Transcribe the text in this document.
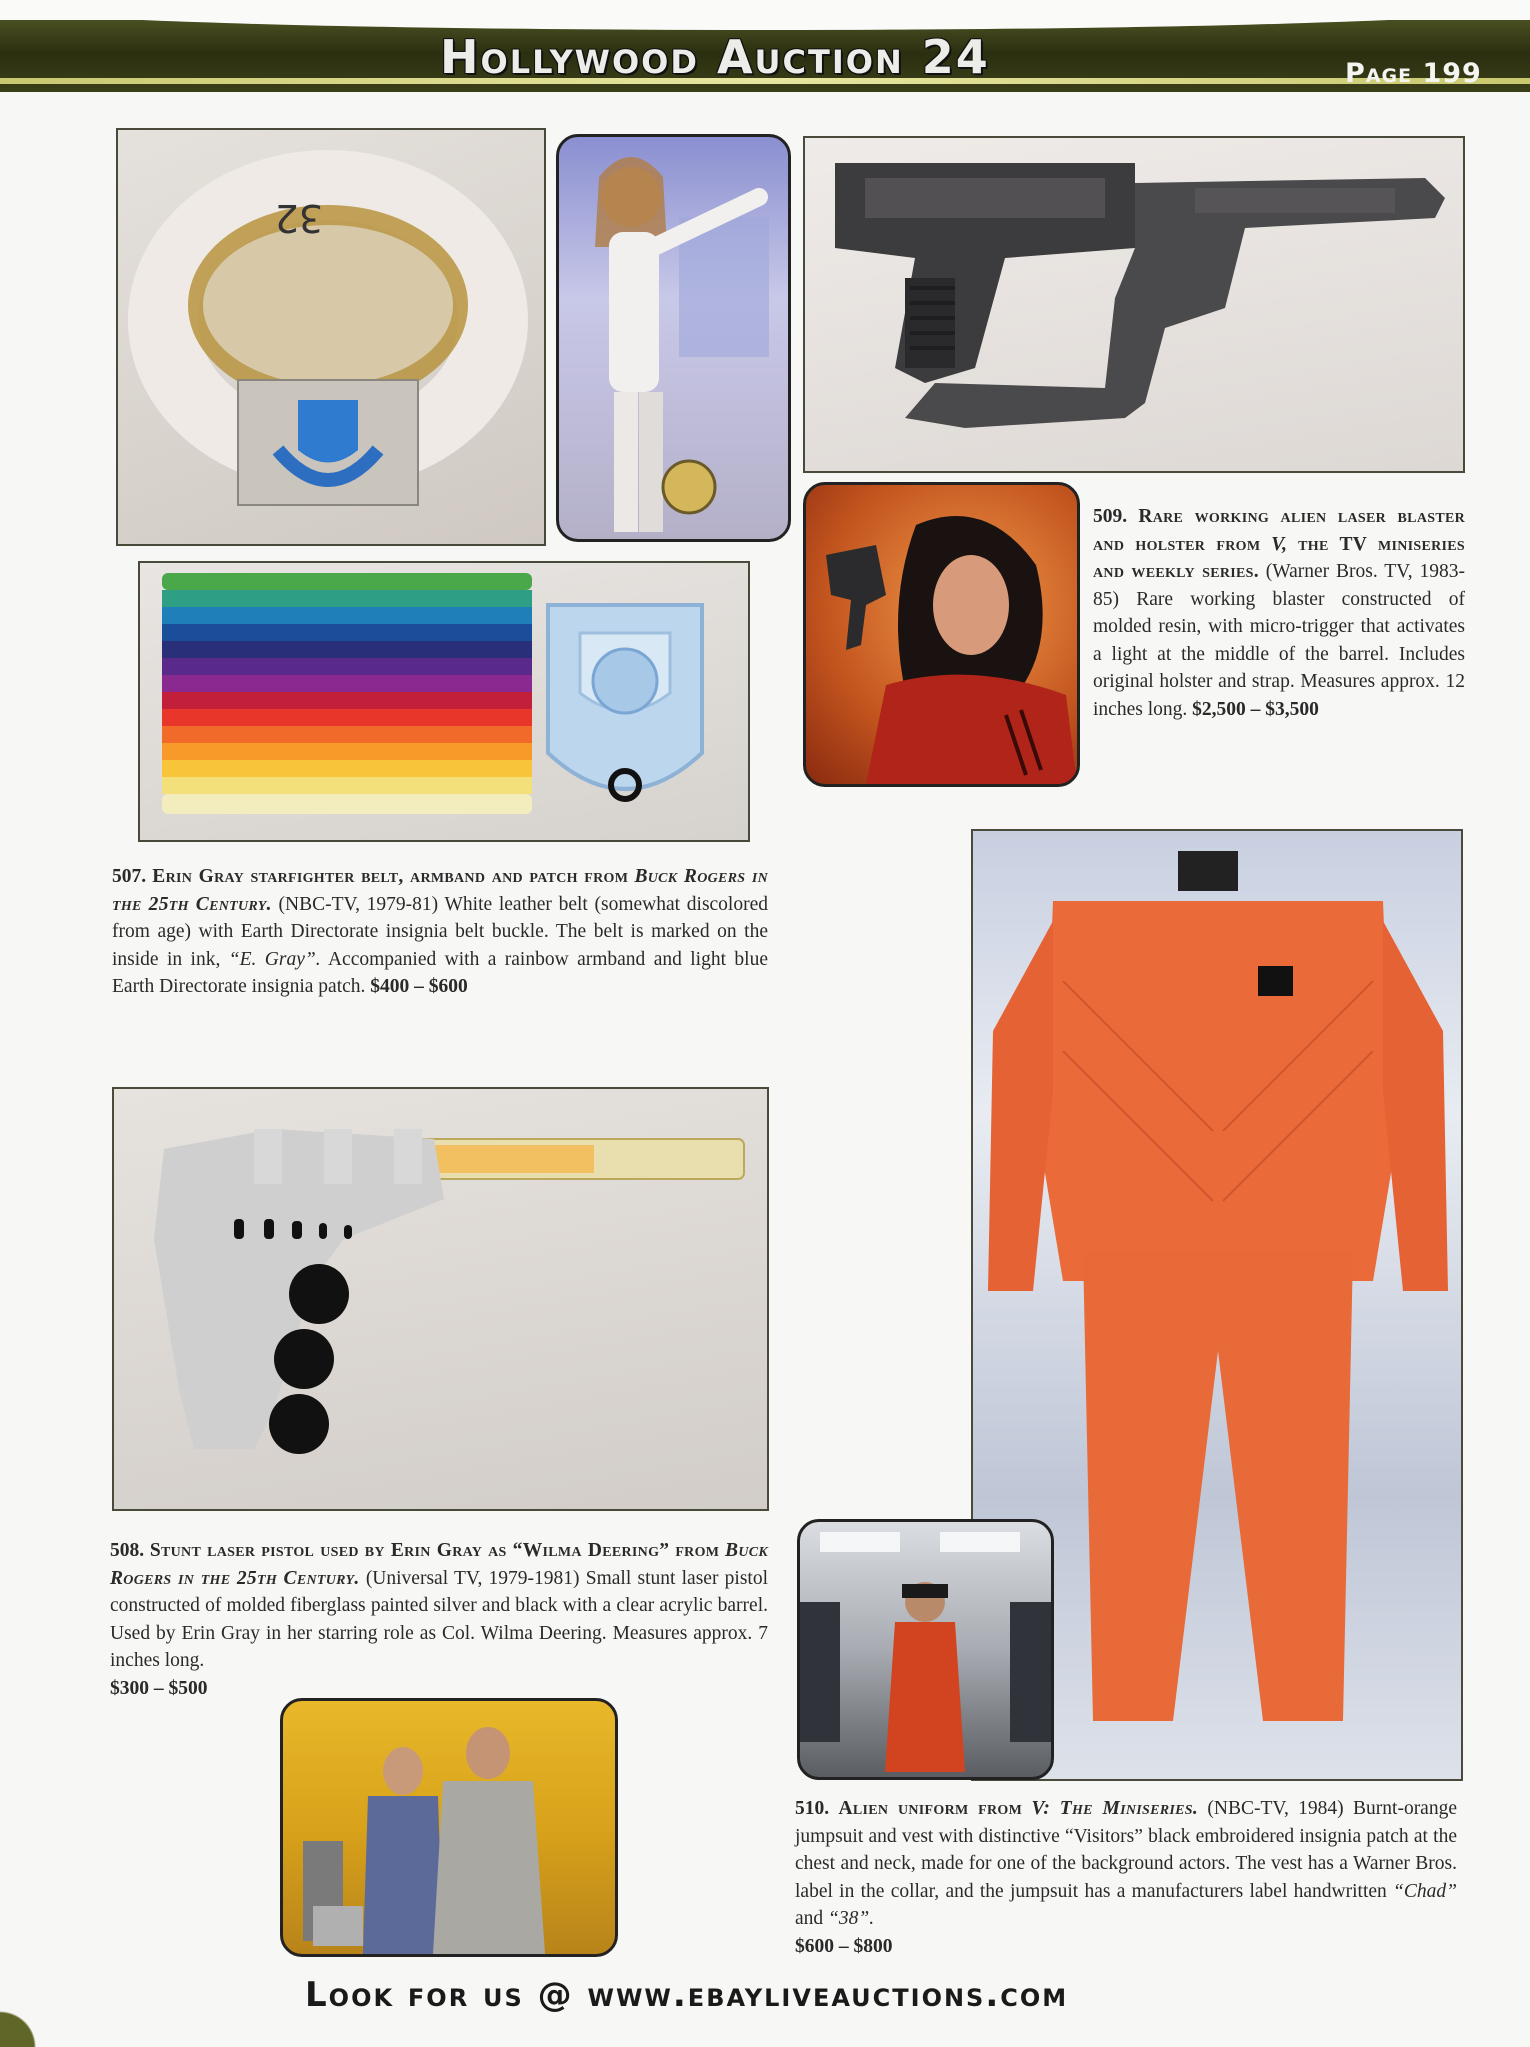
Hollywood Auction 24	Page 199
32
507. Erin Gray starfighter belt, armband and patch from Buck Rogers in the 25th Century. (NBC-TV, 1979-81) White leather belt (somewhat discolored from age) with Earth Directorate insignia belt buckle. The belt is marked on the inside in ink, “E. Gray”. Accompanied with a rainbow armband and light blue Earth Directorate insignia patch. $400 – $600
509. Rare working alien laser blaster and holster from V, the TV miniseries and weekly series. (Warner Bros. TV, 1983-85) Rare working blaster constructed of molded resin, with micro-trigger that activates a light at the middle of the barrel. Includes original holster and strap. Measures approx. 12 inches long. $2,500 – $3,500
508. Stunt laser pistol used by Erin Gray as “Wilma Deering” from Buck Rogers in the 25th Century. (Universal TV, 1979-1981) Small stunt laser pistol constructed of molded fiberglass painted silver and black with a clear acrylic barrel. Used by Erin Gray in her starring role as Col. Wilma Deering. Measures approx. 7 inches long.
$300 – $500
510. Alien uniform from V: The Miniseries. (NBC-TV, 1984) Burnt-orange jumpsuit and vest with distinctive “Visitors” black embroidered insignia patch at the chest and neck, made for one of the background actors. The vest has a Warner Bros. label in the collar, and the jumpsuit has a manufacturers label handwritten “Chad” and “38”.
$600 – $800
Look for us @ www.ebayliveauctions.com
